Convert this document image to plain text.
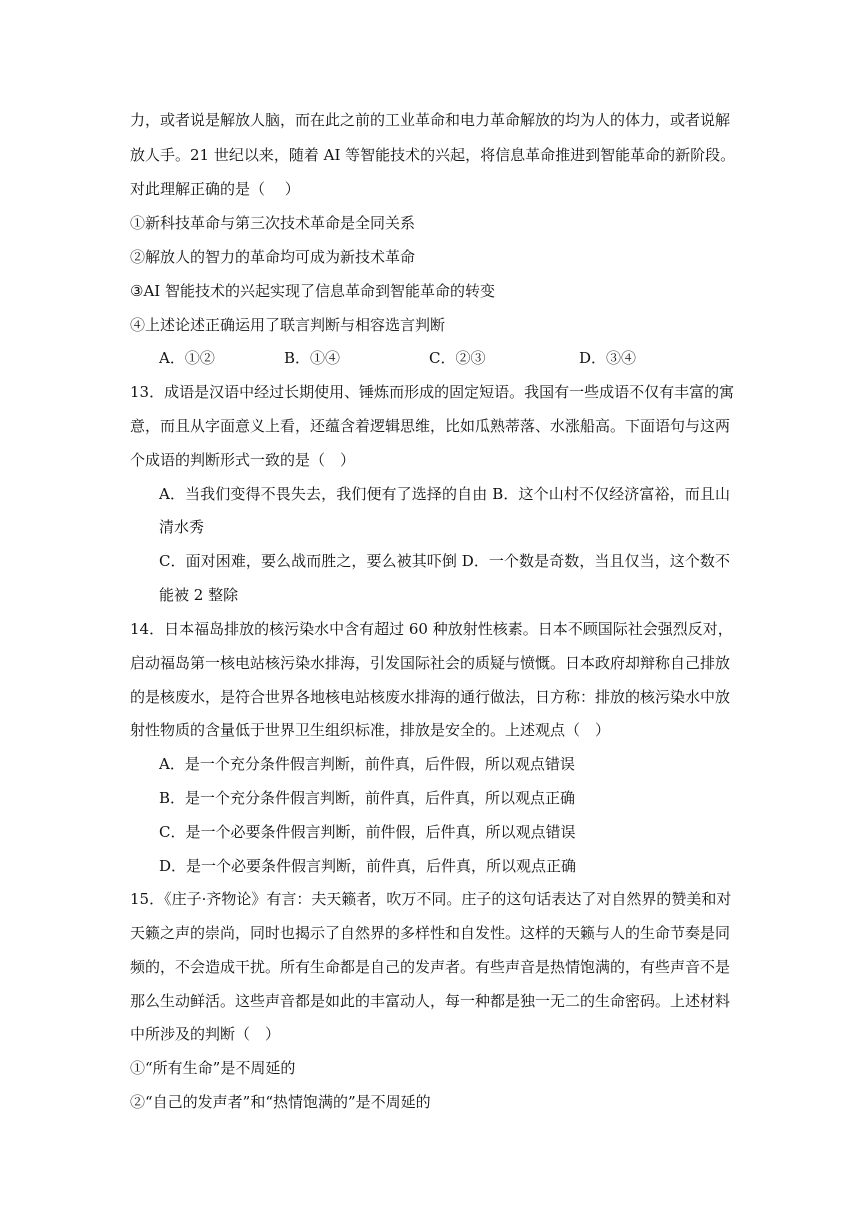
力，或者说是解放人脑，而在此之前的工业革命和电力革命解放的均为人的体力，或者说解
放人手。21 世纪以来，随着 AI 等智能技术的兴起，将信息革命推进到智能革命的新阶段。
对此理解正确的是（　 ）
①新科技革命与第三次技术革命是全同关系
②解放人的智力的革命均可成为新技术革命
③AI 智能技术的兴起实现了信息革命到智能革命的转变
④上述论述正确运用了联言判断与相容选言判断
A．①②	B．①④	C．②③	D．③④
13．成语是汉语中经过长期使用、锤炼而形成的固定短语。我国有一些成语不仅有丰富的寓
意，而且从字面意义上看，还蕴含着逻辑思维，比如瓜熟蒂落、水涨船高。下面语句与这两
个成语的判断形式一致的是（　）
A．当我们变得不畏失去，我们便有了选择的自由 B．这个山村不仅经济富裕，而且山
清水秀
C．面对困难，要么战而胜之，要么被其吓倒 D．一个数是奇数，当且仅当，这个数不
能被 2 整除
14．日本福岛排放的核污染水中含有超过 60 种放射性核素。日本不顾国际社会强烈反对，
启动福岛第一核电站核污染水排海，引发国际社会的质疑与愤慨。日本政府却辩称自己排放
的是核废水，是符合世界各地核电站核废水排海的通行做法，日方称：排放的核污染水中放
射性物质的含量低于世界卫生组织标准，排放是安全的。上述观点（　）
A．是一个充分条件假言判断，前件真，后件假，所以观点错误
B．是一个充分条件假言判断，前件真，后件真，所以观点正确
C．是一个必要条件假言判断，前件假，后件真，所以观点错误
D．是一个必要条件假言判断，前件真，后件真，所以观点正确
15．《庄子·齐物论》有言：夫天籁者，吹万不同。庄子的这句话表达了对自然界的赞美和对
天籁之声的崇尚，同时也揭示了自然界的多样性和自发性。这样的天籁与人的生命节奏是同
频的，不会造成干扰。所有生命都是自己的发声者。有些声音是热情饱满的，有些声音不是
那么生动鲜活。这些声音都是如此的丰富动人，每一种都是独一无二的生命密码。上述材料
中所涉及的判断（　）
①“所有生命”是不周延的
②“自己的发声者”和“热情饱满的”是不周延的
